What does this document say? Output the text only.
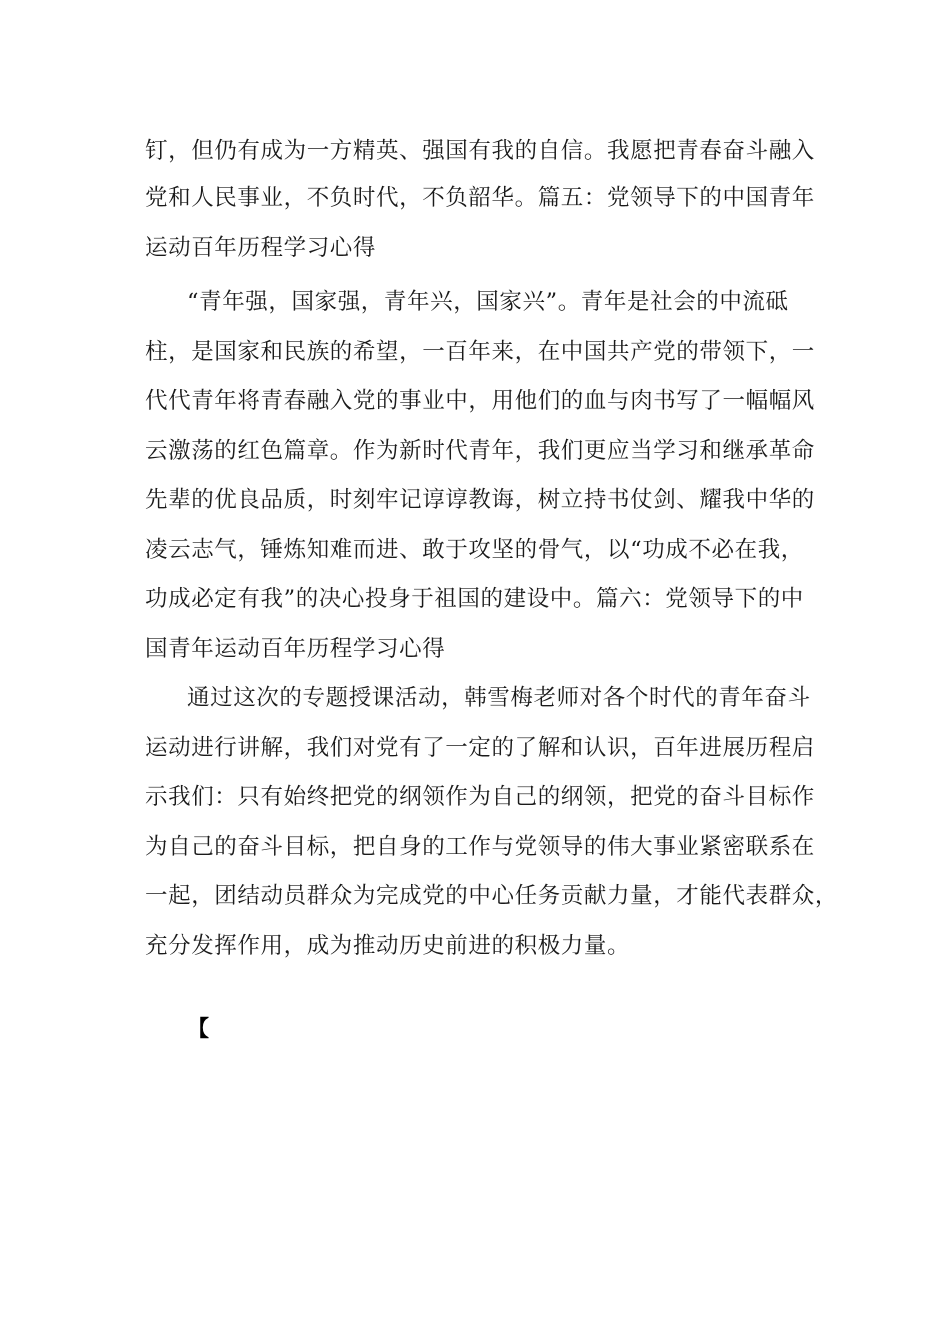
钉，但仍有成为一方精英、强国有我的自信。我愿把青春奋斗融入
党和人民事业，不负时代，不负韶华。篇五：党领导下的中国青年
运动百年历程学习心得
“青年强，国家强，青年兴，国家兴”。青年是社会的中流砥
柱，是国家和民族的希望，一百年来，在中国共产党的带领下，一
代代青年将青春融入党的事业中，用他们的血与肉书写了一幅幅风
云激荡的红色篇章。作为新时代青年，我们更应当学习和继承革命
先辈的优良品质，时刻牢记谆谆教诲，树立持书仗剑、耀我中华的
凌云志气，锤炼知难而进、敢于攻坚的骨气，以“功成不必在我，
功成必定有我”的决心投身于祖国的建设中。篇六：党领导下的中
国青年运动百年历程学习心得
通过这次的专题授课活动，韩雪梅老师对各个时代的青年奋斗
运动进行讲解，我们对党有了一定的了解和认识，百年进展历程启
示我们：只有始终把党的纲领作为自己的纲领，把党的奋斗目标作
为自己的奋斗目标，把自身的工作与党领导的伟大事业紧密联系在
一起，团结动员群众为完成党的中心任务贡献力量，才能代表群众，
充分发挥作用，成为推动历史前进的积极力量。
【
